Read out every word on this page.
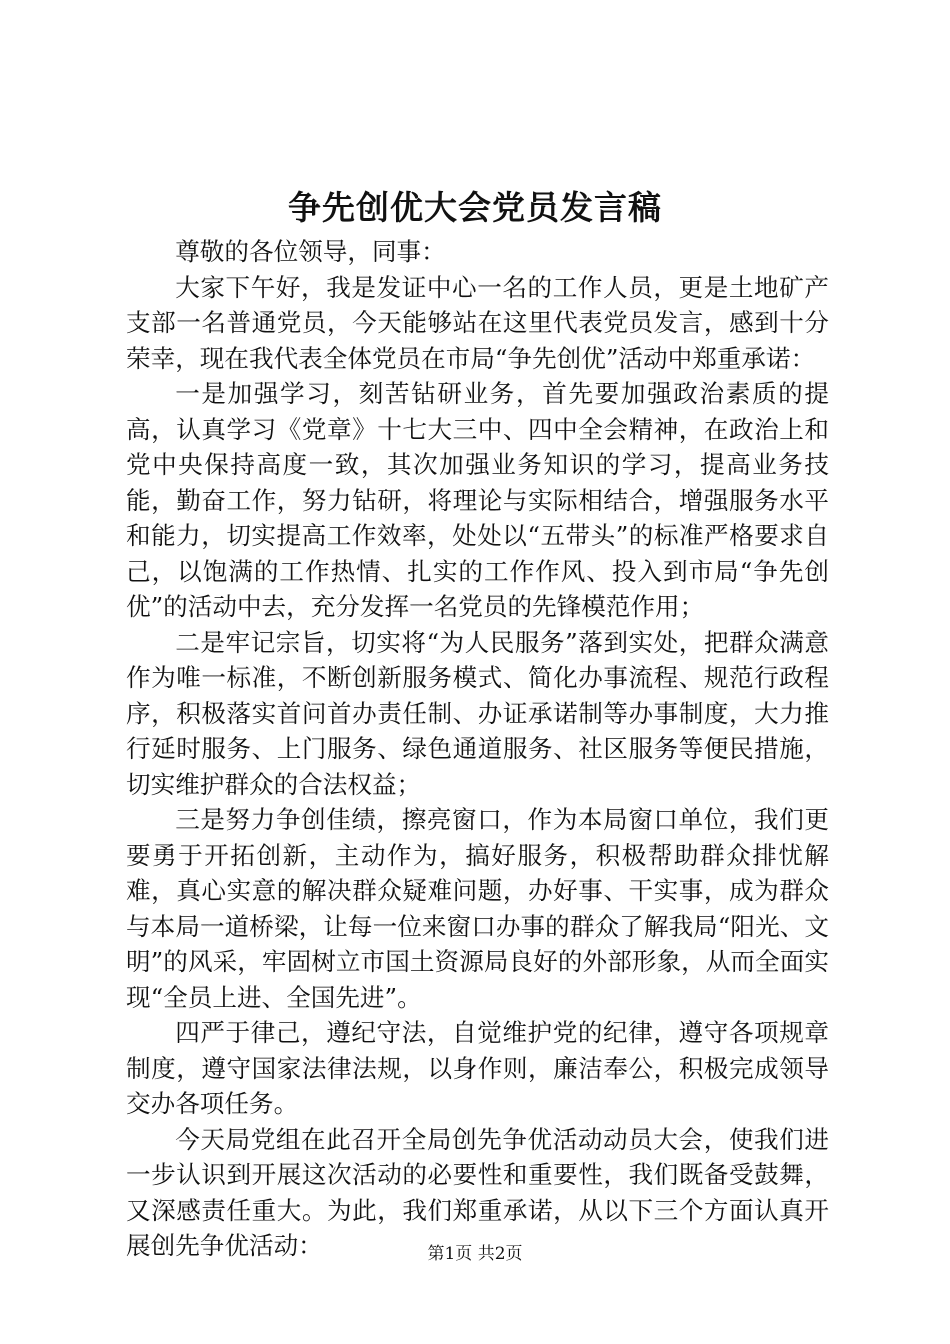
争先创优大会党员发言稿

尊敬的各位领导，同事：

大家下午好，我是发证中心一名的工作人员，更是土地矿产支部一名普通党员，今天能够站在这里代表党员发言，感到十分荣幸，现在我代表全体党员在市局“争先创优”活动中郑重承诺：

一是加强学习，刻苦钻研业务，首先要加强政治素质的提高，认真学习《党章》十七大三中、四中全会精神，在政治上和党中央保持高度一致，其次加强业务知识的学习，提高业务技能，勤奋工作，努力钻研，将理论与实际相结合，增强服务水平和能力，切实提高工作效率，处处以“五带头”的标准严格要求自己，以饱满的工作热情、扎实的工作作风、投入到市局“争先创优”的活动中去，充分发挥一名党员的先锋模范作用；

二是牢记宗旨，切实将“为人民服务”落到实处，把群众满意作为唯一标准，不断创新服务模式、简化办事流程、规范行政程序，积极落实首问首办责任制、办证承诺制等办事制度，大力推行延时服务、上门服务、绿色通道服务、社区服务等便民措施，切实维护群众的合法权益；

三是努力争创佳绩，擦亮窗口，作为本局窗口单位，我们更要勇于开拓创新，主动作为，搞好服务，积极帮助群众排忧解难，真心实意的解决群众疑难问题，办好事、干实事，成为群众与本局一道桥梁，让每一位来窗口办事的群众了解我局“阳光、文明”的风采，牢固树立市国土资源局良好的外部形象，从而全面实现“全员上进、全国先进”。

四严于律己，遵纪守法，自觉维护党的纪律，遵守各项规章制度，遵守国家法律法规，以身作则，廉洁奉公，积极完成领导交办各项任务。

今天局党组在此召开全局创先争优活动动员大会，使我们进一步认识到开展这次活动的必要性和重要性，我们既备受鼓舞，又深感责任重大。为此，我们郑重承诺，从以下三个方面认真开展创先争优活动：	第1页 共2页
